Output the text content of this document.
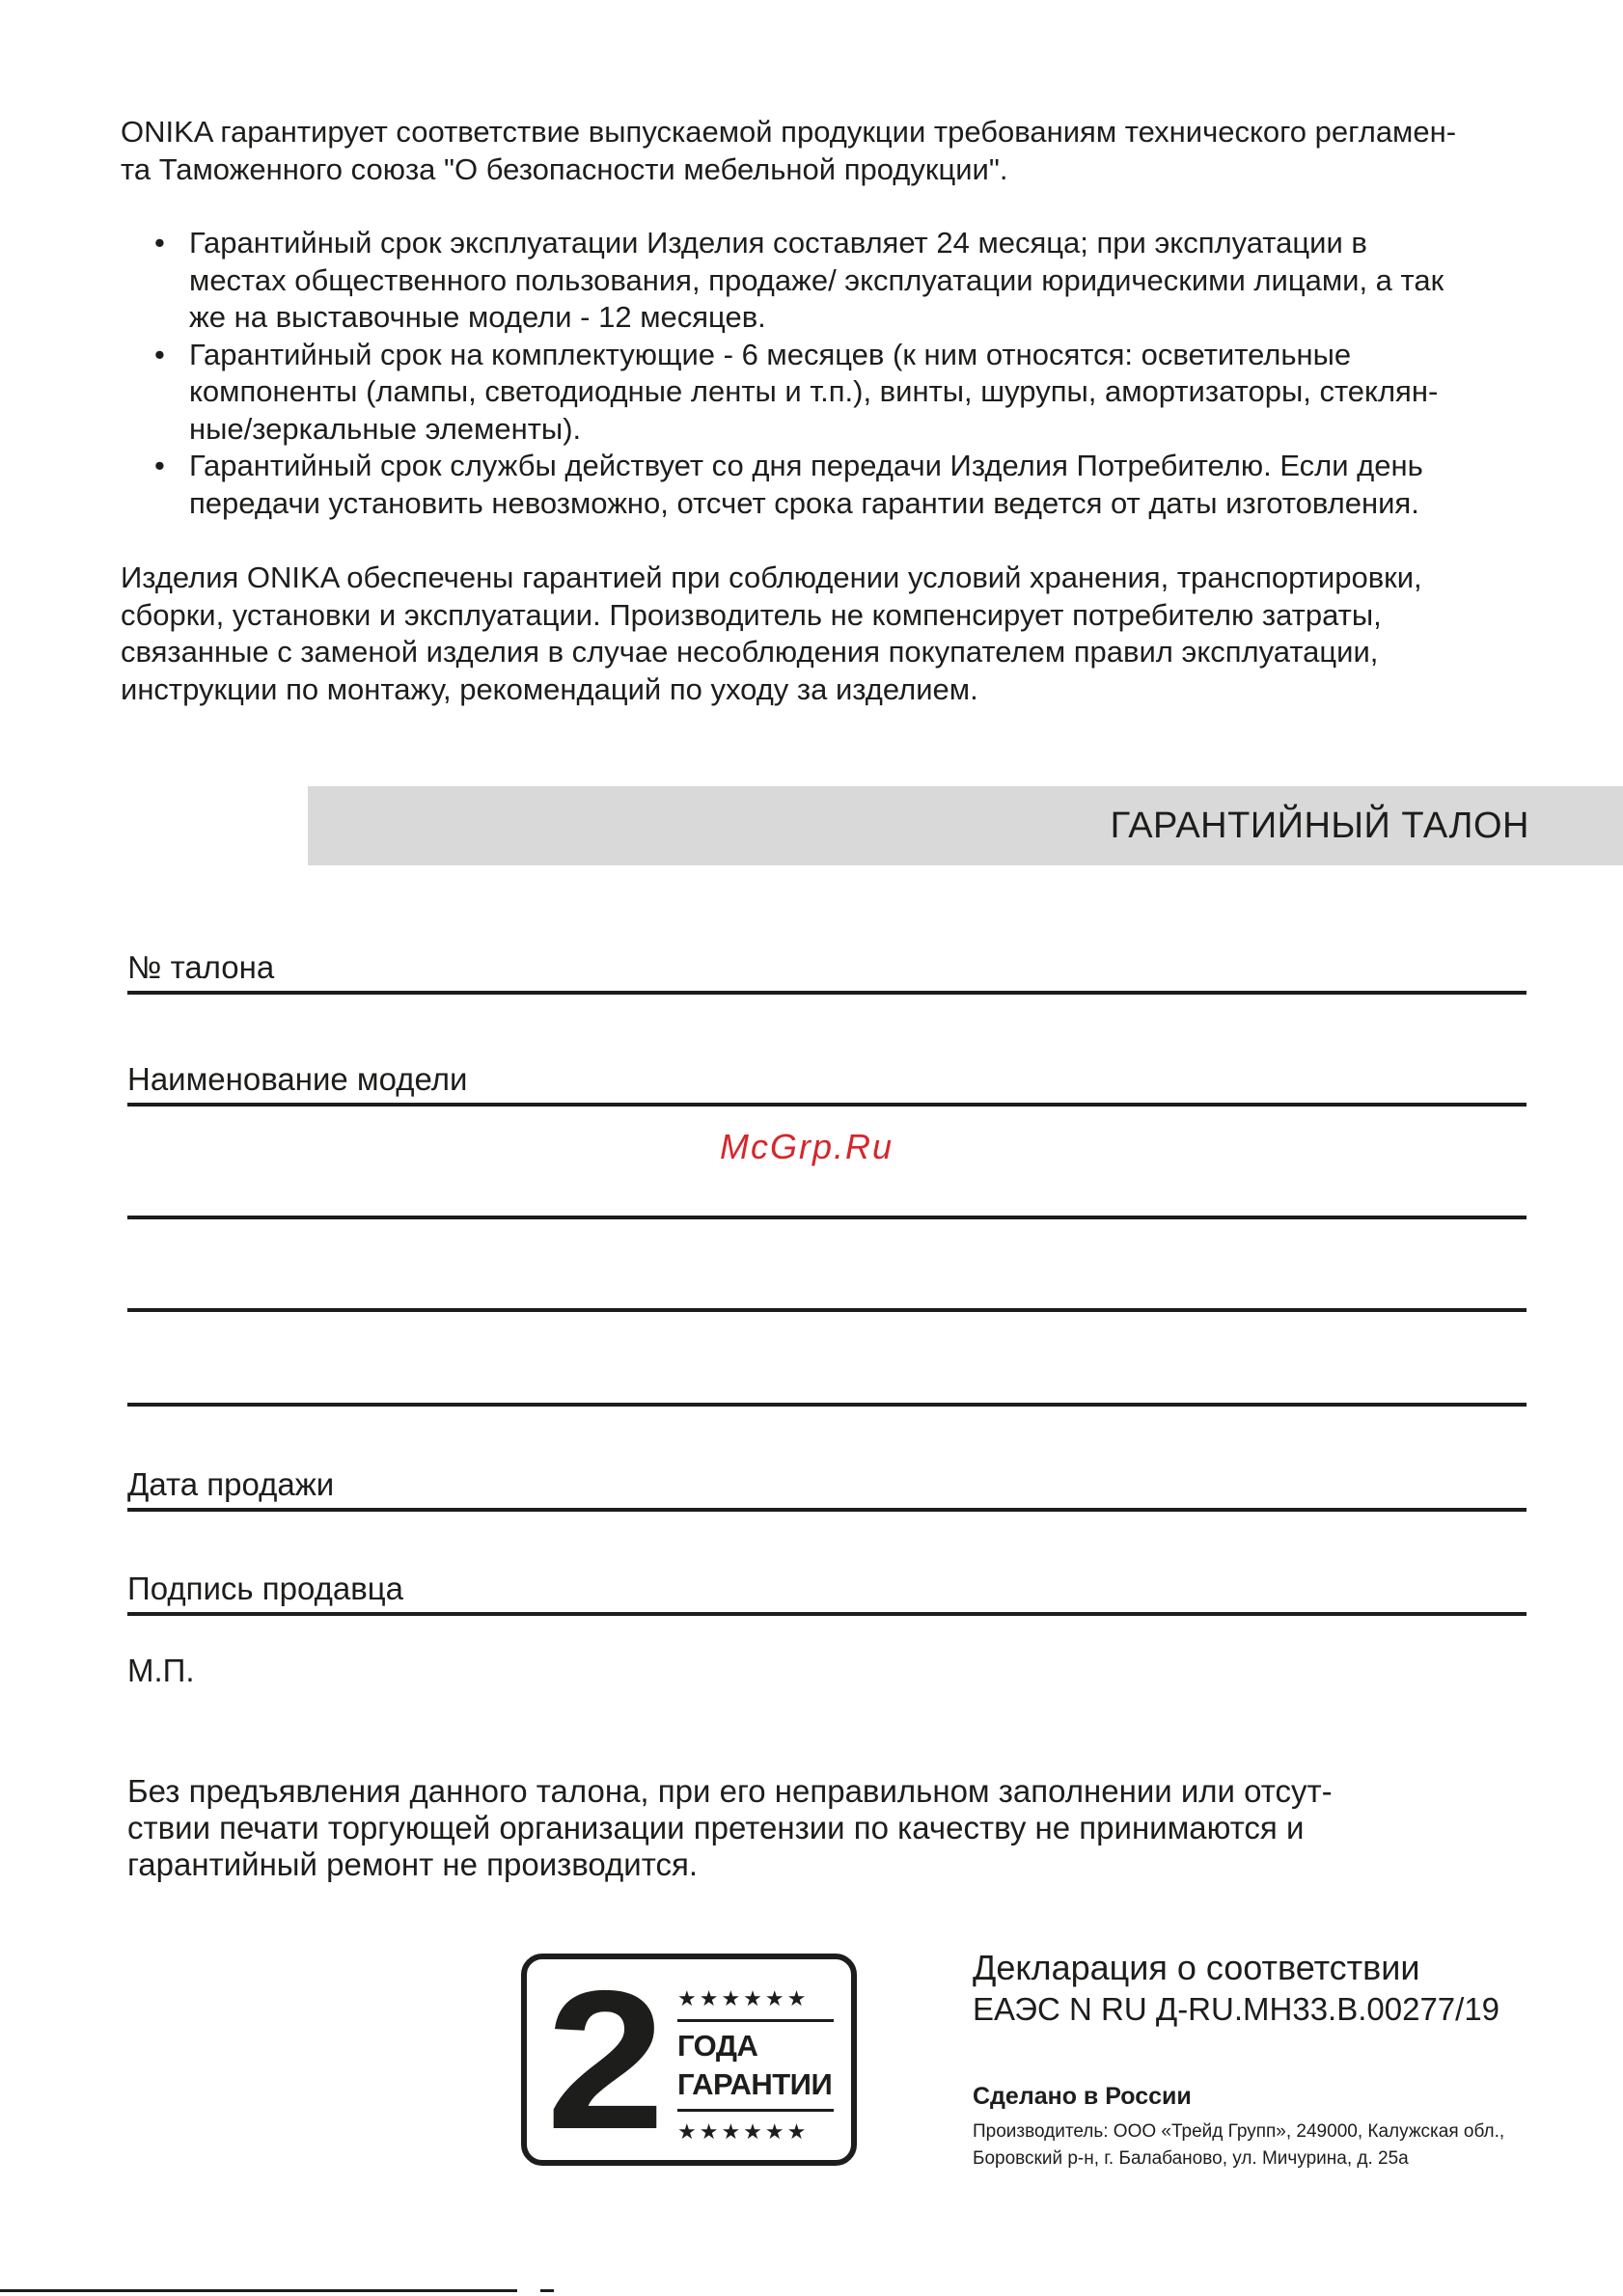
ONIKA гарантирует соответствие выпускаемой продукции требованиям технического регламен-
та Таможенного союза "О безопасности мебельной продукции".
• Гарантийный срок эксплуатации Изделия составляет 24 месяца; при эксплуатации в
местах общественного пользования, продаже/ эксплуатации юридическими лицами, а так
же на выставочные модели - 12 месяцев.
• Гарантийный срок на комплектующие - 6 месяцев (к ним относятся: осветительные
компоненты (лампы, светодиодные ленты и т.п.), винты, шурупы, амортизаторы, стеклян-
ные/зеркальные элементы).
• Гарантийный срок службы действует со дня передачи Изделия Потребителю. Если день
передачи установить невозможно, отсчет срока гарантии ведется от даты изготовления.
Изделия ONIKA обеспечены гарантией при соблюдении условий хранения, транспортировки,
сборки, установки и эксплуатации. Производитель не компенсирует потребителю затраты,
связанные с заменой изделия в случае несоблюдения покупателем правил эксплуатации,
инструкции по монтажу, рекомендаций по уходу за изделием.
ГАРАНТИЙНЫЙ ТАЛОН
№ талона
Наименование модели
Дата продажи
Подпись продавца
McGrp.Ru
М.П.
Без предъявления данного талона, при его неправильном заполнении или отсут-
ствии печати торгующей организации претензии по качеству не принимаются и
гарантийный ремонт не производится.
2 ★★★★★★
ГОДА
ГАРАНТИИ
★★★★★★
Декларация о соответствии
ЕАЭС N RU Д-RU.МН33.В.00277/19
Сделано в России
Производитель: ООО «Трейд Групп», 249000, Калужская обл.,
Боровский р-н, г. Балабаново, ул. Мичурина, д. 25а
